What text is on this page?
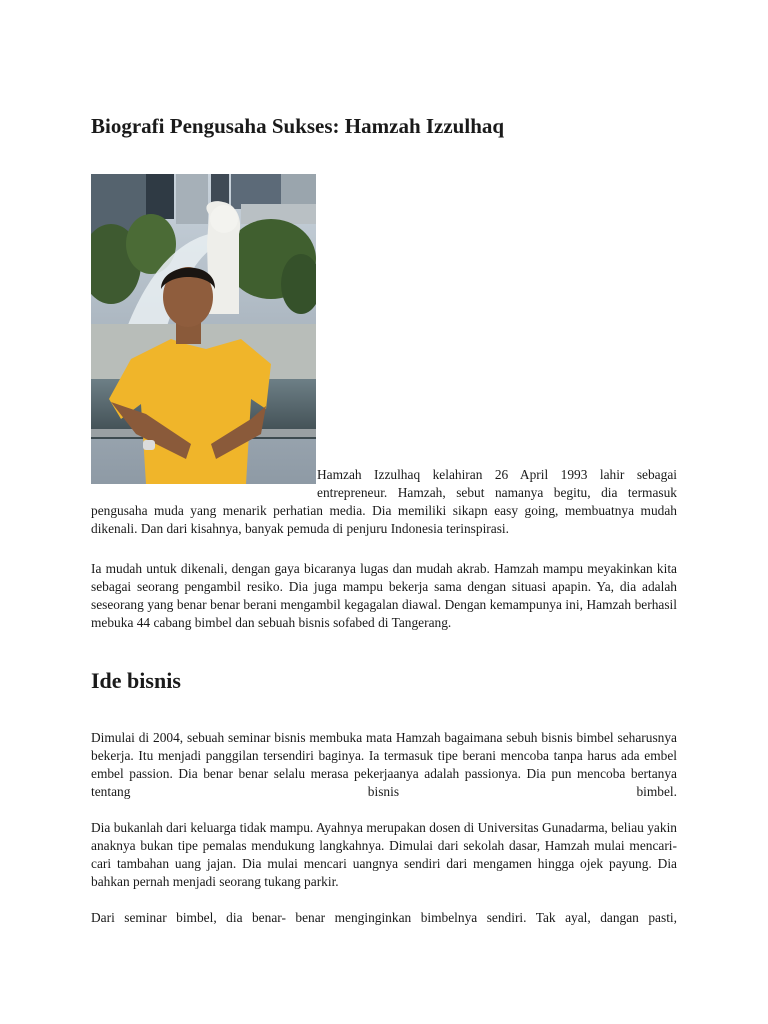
Biografi Pengusaha Sukses: Hamzah Izzulhaq

Hamzah Izzulhaq kelahiran 26 April 1993 lahir sebagai entrepreneur. Hamzah, sebut namanya begitu, dia termasuk pengusaha muda yang menarik perhatian media. Dia memiliki sikapn easy going, membuatnya mudah dikenali. Dan dari kisahnya, banyak pemuda di penjuru Indonesia terinspirasi.

Ia mudah untuk dikenali, dengan gaya bicaranya lugas dan mudah akrab. Hamzah mampu meyakinkan kita sebagai seorang pengambil resiko. Dia juga mampu bekerja sama dengan situasi apapin. Ya, dia adalah seseorang yang benar benar berani mengambil kegagalan diawal. Dengan kemampunya ini, Hamzah berhasil mebuka 44 cabang bimbel dan sebuah bisnis sofabed di Tangerang.

Ide bisnis

Dimulai di 2004, sebuah seminar bisnis membuka mata Hamzah bagaimana sebuh bisnis bimbel seharusnya bekerja. Itu menjadi panggilan tersendiri baginya. Ia termasuk tipe berani mencoba tanpa harus ada embel embel passion. Dia benar benar selalu merasa pekerjaanya adalah passionya. Dia pun mencoba bertanya tentang bisnis bimbel.

Dia bukanlah dari keluarga tidak mampu. Ayahnya merupakan dosen di Universitas Gunadarma, beliau yakin anaknya bukan tipe pemalas mendukung langkahnya. Dimulai dari sekolah dasar, Hamzah mulai mencari- cari tambahan uang jajan. Dia mulai mencari uangnya sendiri dari mengamen hingga ojek payung. Dia bahkan pernah menjadi seorang tukang parkir.

Dari seminar bimbel, dia benar- benar menginginkan bimbelnya sendiri. Tak ayal, dangan pasti,
